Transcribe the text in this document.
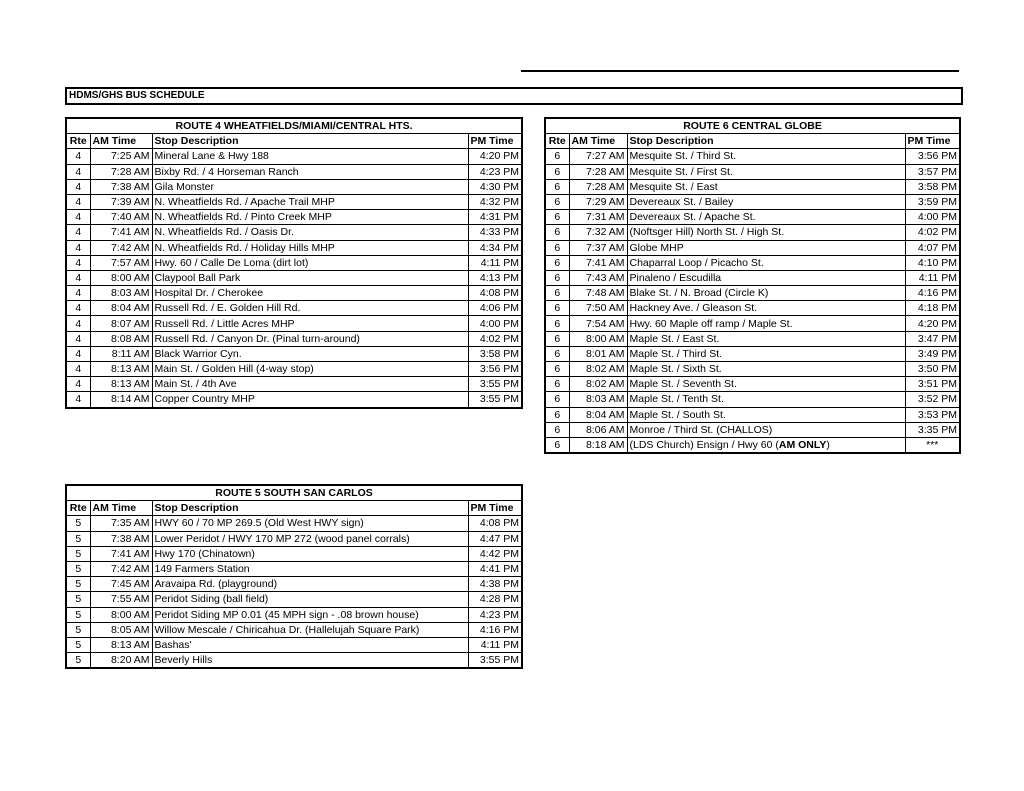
HDMS/GHS BUS SCHEDULE
ROUTE 4 WHEATFIELDS/MIAMI/CENTRAL HTS.			
Rte	AM Time	Stop Description	PM Time
4	7:25 AM	Mineral Lane & Hwy 188	4:20 PM
4	7:28 AM	Bixby Rd. / 4 Horseman Ranch	4:23 PM
4	7:38 AM	Gila Monster	4:30 PM
4	7:39 AM	N. Wheatfields Rd. / Apache Trail MHP	4:32 PM
4	7:40 AM	N. Wheatfields Rd. / Pinto Creek MHP	4:31 PM
4	7:41 AM	N. Wheatfields Rd. / Oasis Dr.	4:33 PM
4	7:42 AM	N. Wheatfields Rd. / Holiday Hills MHP	4:34 PM
4	7:57 AM	Hwy. 60 / Calle De Loma (dirt lot)	4:11 PM
4	8:00 AM	Claypool Ball Park	4:13 PM
4	8:03 AM	Hospital Dr. / Cherokee	4:08 PM
4	8:04 AM	Russell Rd. / E. Golden Hill Rd.	4:06 PM
4	8:07 AM	Russell Rd. / Little Acres MHP	4:00 PM
4	8:08 AM	Russell Rd. / Canyon Dr. (Pinal turn-around)	4:02 PM
4	8:11 AM	Black Warrior Cyn.	3:58 PM
4	8:13 AM	Main St. / Golden Hill (4-way stop)	3:56 PM
4	8:13 AM	Main St. / 4th Ave	3:55 PM
4	8:14 AM	Copper Country MHP	3:55 PM
ROUTE 6 CENTRAL GLOBE			
Rte	AM Time	Stop Description	PM Time
6	7:27 AM	Mesquite St. / Third St.	3:56 PM
6	7:28 AM	Mesquite St. / First St.	3:57 PM
6	7:28 AM	Mesquite St. / East	3:58 PM
6	7:29 AM	Devereaux St. / Bailey	3:59 PM
6	7:31 AM	Devereaux St. / Apache St.	4:00 PM
6	7:32 AM	(Noftsger Hill) North St. / High St.	4:02 PM
6	7:37 AM	Globe MHP	4:07 PM
6	7:41 AM	Chaparral Loop / Picacho St.	4:10 PM
6	7:43 AM	Pinaleno / Escudilla	4:11 PM
6	7:48 AM	Blake St. / N. Broad (Circle K)	4:16 PM
6	7:50 AM	Hackney Ave. / Gleason St.	4:18 PM
6	7:54 AM	Hwy. 60 Maple off ramp / Maple St.	4:20 PM
6	8:00 AM	Maple St. / East St.	3:47 PM
6	8:01 AM	Maple St. / Third St.	3:49 PM
6	8:02 AM	Maple St. / Sixth St.	3:50 PM
6	8:02 AM	Maple St. / Seventh St.	3:51 PM
6	8:03 AM	Maple St. / Tenth St.	3:52 PM
6	8:04 AM	Maple St. / South St.	3:53 PM
6	8:06 AM	Monroe / Third St. (CHALLOS)	3:35 PM
6	8:18 AM	(LDS Church) Ensign / Hwy 60 (AM ONLY)	***
ROUTE 5 SOUTH SAN CARLOS			
Rte	AM Time	Stop Description	PM Time
5	7:35 AM	HWY 60 / 70 MP 269.5 (Old West HWY sign)	4:08 PM
5	7:38 AM	Lower Peridot / HWY 170 MP 272 (wood panel corrals)	4:47 PM
5	7:41 AM	Hwy 170 (Chinatown)	4:42 PM
5	7:42 AM	149 Farmers Station	4:41 PM
5	7:45 AM	Aravaipa Rd. (playground)	4:38 PM
5	7:55 AM	Peridot Siding (ball field)	4:28 PM
5	8:00 AM	Peridot Siding MP 0.01 (45 MPH sign - .08 brown house)	4:23 PM
5	8:05 AM	Willow Mescale / Chiricahua Dr. (Hallelujah Square Park)	4:16 PM
5	8:13 AM	Bashas'	4:11 PM
5	8:20 AM	Beverly Hills	3:55 PM
